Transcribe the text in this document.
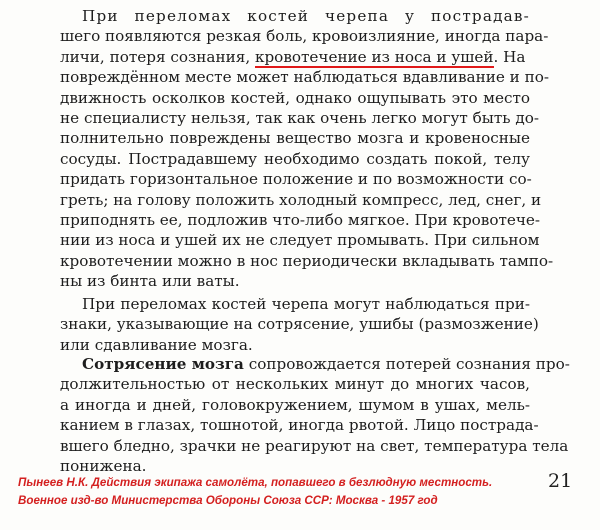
При переломах костей черепа у пострадав-
шего появляются резкая боль, кровоизлияние, иногда пара-
личи, потеря сознания, кровотечение из носа и ушей. На
повреждённом месте может наблюдаться вдавливание и по-
движность осколков костей, однако ощупывать это место
не специалисту нельзя, так как очень легко могут быть до-
полнительно повреждены вещество мозга и кровеносные
сосуды. Пострадавшему необходимо создать покой, телу
придать горизонтальное положение и по возможности со-
греть; на голову положить холодный компресс, лед, снег, и
приподнять ее, подложив что-либо мягкое. При кровотече-
нии из носа и ушей их не следует промывать. При сильном
кровотечении можно в нос периодически вкладывать тампо-
ны из бинта или ваты.
При переломах костей черепа могут наблюдаться при-
знаки, указывающие на сотрясение, ушибы (размозжение)
или сдавливание мозга.
Сотрясение мозга сопровождается потерей сознания про-
должительностью от нескольких минут до многих часов,
а иногда и дней, головокружением, шумом в ушах, мель-
канием в глазах, тошнотой, иногда рвотой. Лицо пострада-
вшего бледно, зрачки не реагируют на свет, температура тела
понижена.
21
Пынеев Н.К. Действия экипажа самолёта, попавшего в безлюдную местность.
Военное изд-во Министерства Обороны Союза ССР: Москва - 1957 год
